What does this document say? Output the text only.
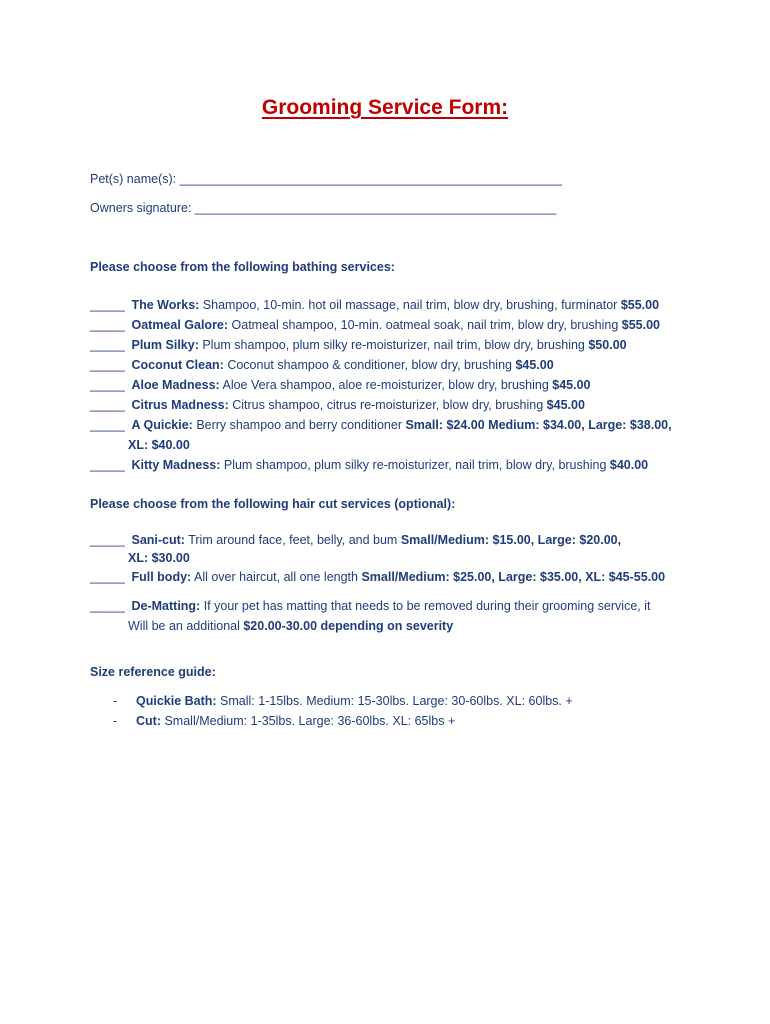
Grooming Service Form:
Pet(s) name(s): _______________________________________________________
Owners signature: ____________________________________________________
Please choose from the following bathing services:
_____ The Works: Shampoo, 10-min. hot oil massage, nail trim, blow dry, brushing, furminator $55.00
_____ Oatmeal Galore: Oatmeal shampoo, 10-min. oatmeal soak, nail trim, blow dry, brushing $55.00
_____ Plum Silky: Plum shampoo, plum silky re-moisturizer, nail trim, blow dry, brushing $50.00
_____ Coconut Clean: Coconut shampoo & conditioner, blow dry, brushing $45.00
_____ Aloe Madness: Aloe Vera shampoo, aloe re-moisturizer, blow dry, brushing $45.00
_____ Citrus Madness: Citrus shampoo, citrus re-moisturizer, blow dry, brushing $45.00
_____ A Quickie: Berry shampoo and berry conditioner Small: $24.00 Medium: $34.00, Large: $38.00,
XL: $40.00
_____ Kitty Madness: Plum shampoo, plum silky re-moisturizer, nail trim, blow dry, brushing $40.00
Please choose from the following hair cut services (optional):
_____ Sani-cut: Trim around face, feet, belly, and bum Small/Medium: $15.00, Large: $20.00,
XL: $30.00
_____ Full body: All over haircut, all one length Small/Medium: $25.00, Large: $35.00, XL: $45-55.00
_____ De-Matting: If your pet has matting that needs to be removed during their grooming service, it
Will be an additional $20.00-30.00 depending on severity
Size reference guide:
- Quickie Bath: Small: 1-15lbs. Medium: 15-30lbs. Large: 30-60lbs. XL: 60lbs. +
- Cut: Small/Medium: 1-35lbs. Large: 36-60lbs. XL: 65lbs +
